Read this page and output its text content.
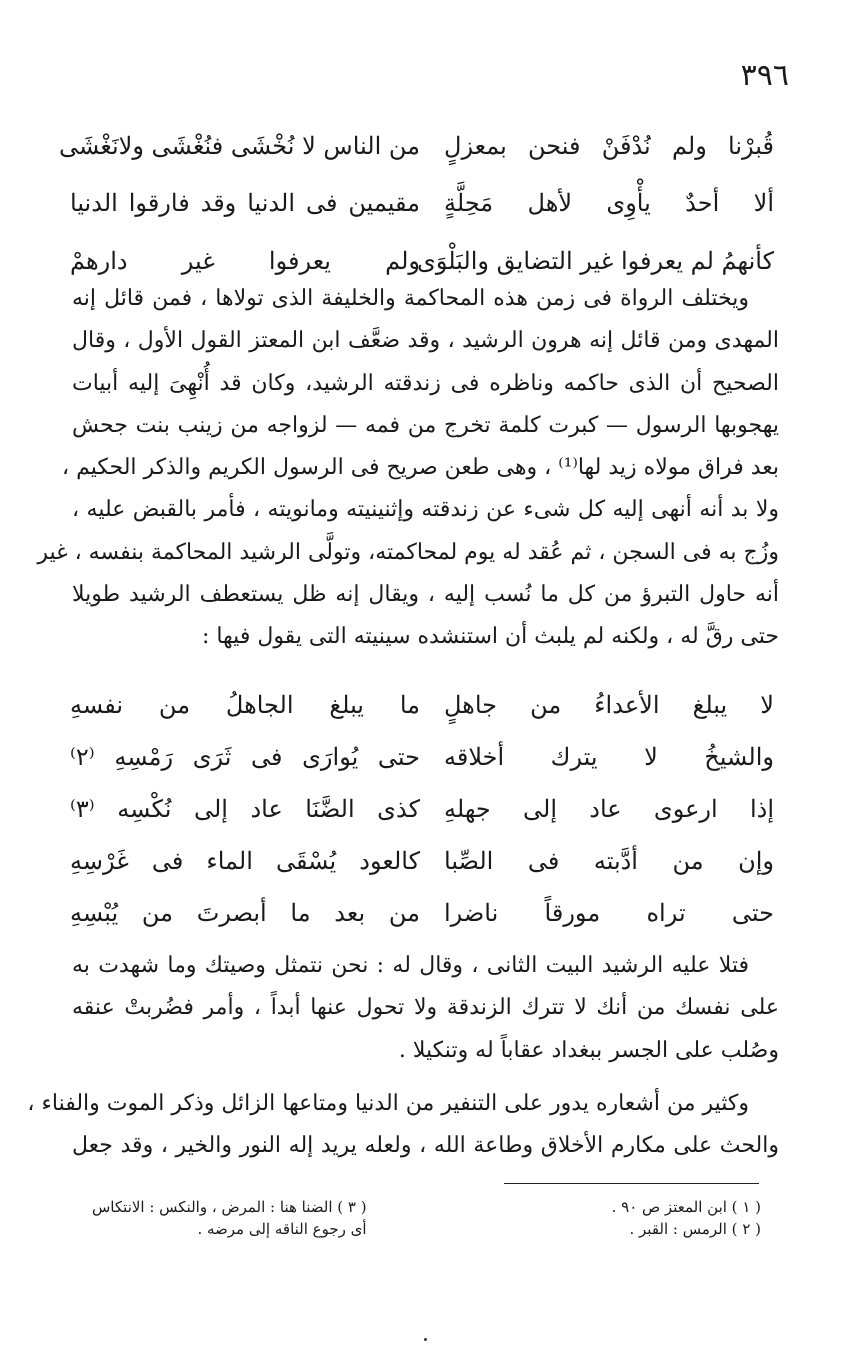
٣٩٦
قُبرْنا ولم نُدْفَنْ فنحن بمعزلٍ
من الناس لا نُخْشَى فنُغْشَى ولانَغْشَى
ألا أحدٌ يأْوِى لأهل مَحِلَّةٍ
مقيمين فى الدنيا وقد فارقوا الدنيا
كأنهمُ لم يعرفوا غير التضايق والبَلْوَى
ولم يعرفوا غير دارهمْ
ويختلف الرواة فى زمن هذه المحاكمة والخليفة الذى تولاها ، فمن قائل إنه
المهدى ومن قائل إنه هرون الرشيد ، وقد ضعَّف ابن المعتز القول الأول ، وقال
الصحيح أن الذى حاكمه وناظره فى زندقته الرشيد، وكان قد أُنْهِىَ إليه أبيات
يهجوبها الرسول — كبرت كلمة تخرج من فمه — لزواجه من زينب بنت جحش
بعد فراق مولاه زيد لها⁽¹⁾ ، وهى طعن صريح فى الرسول الكريم والذكر الحكيم ،
ولا بد أنه أنهى إليه كل شىء عن زندقته وإثنينيته ومانويته ، فأمر بالقبض عليه ،
وزُج به فى السجن ، ثم عُقد له يوم لمحاكمته، وتولَّى الرشيد المحاكمة بنفسه ، غير
أنه حاول التبرؤ من كل ما نُسب إليه ، ويقال إنه ظل يستعطف الرشيد طويلا
حتى رقَّ له ، ولكنه لم يلبث أن استنشده سينيته التى يقول فيها :
لا يبلغ الأعداءُ من جاهلٍ
ما يبلغ الجاهلُ من نفسهِ
والشيخُ لا يترك أخلاقه
حتى يُوارَى فى ثَرَى رَمْسِهِ ⁽٢⁾
إذا ارعوى عاد إلى جهلهِ
كذى الضَّنَا عاد إلى نُكْسِه ⁽٣⁾
وإن من أدَّبته فى الصِّبا
كالعود يُسْقَى الماء فى غَرْسِهِ
حتى تراه مورقاً ناضرا
من بعد ما أبصرتَ من يُبْسِهِ
فتلا عليه الرشيد البيت الثانى ، وقال له : نحن نتمثل وصيتك وما شهدت به
على نفسك من أنك لا تترك الزندقة ولا تحول عنها أبداً ، وأمر فضُربتْ عنقه
وصُلب على الجسر ببغداد عقاباً له وتنكيلا .
وكثير من أشعاره يدور على التنفير من الدنيا ومتاعها الزائل وذكر الموت والفناء ،
والحث على مكارم الأخلاق وطاعة الله ، ولعله يريد إله النور والخير ، وقد جعل
( ١ ) ابن المعتز ص ٩٠ .
( ٢ ) الرمس : القبر .
( ٣ ) الضنا هنا : المرض ، والنكس : الانتكاس
أى رجوع الناقه إلى مرضه .
